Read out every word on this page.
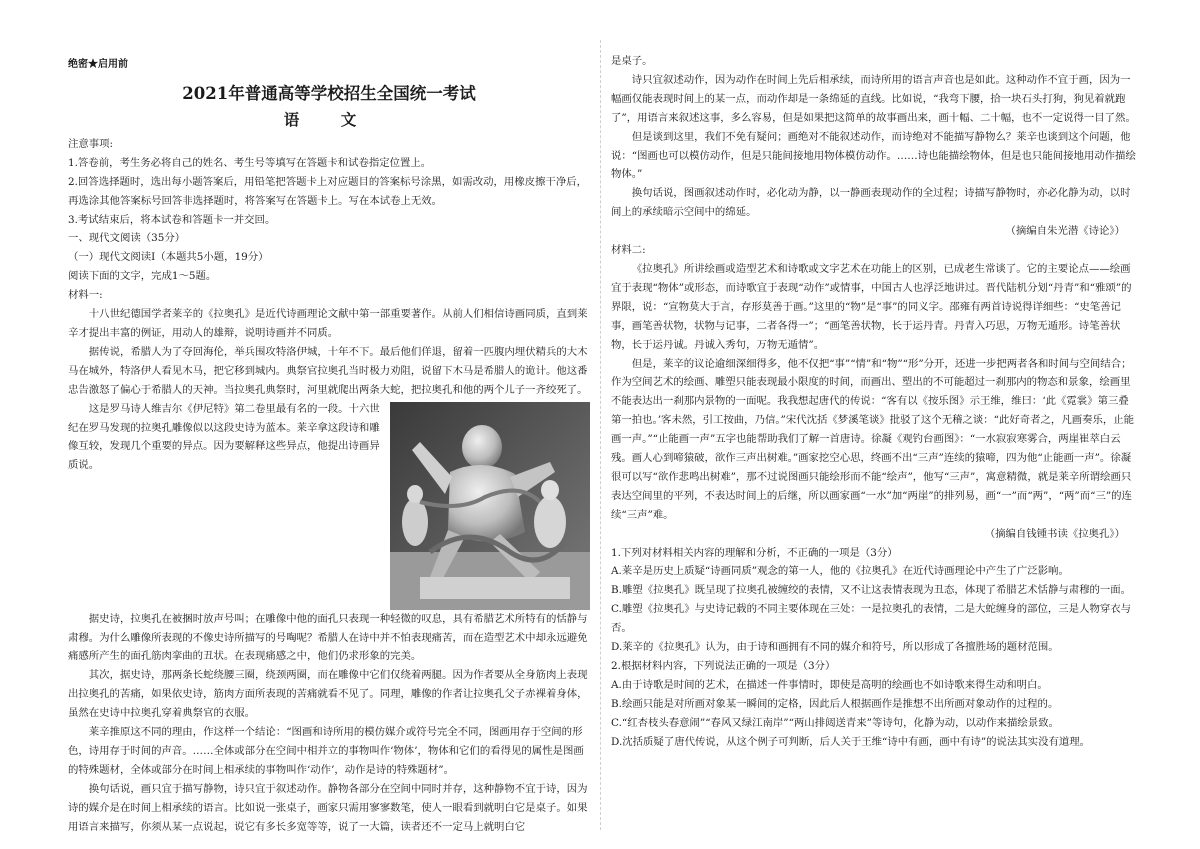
绝密★启用前

2021年普通高等学校招生全国统一考试

语 文

注意事项:

1.答卷前，考生务必将自己的姓名、考生号等填写在答题卡和试卷指定位置上。

2.回答选择题时，选出每小题答案后，用铅笔把答题卡上对应题目的答案标号涂黑，如需改动，用橡皮擦干净后，再选涂其他答案标号回答非选择题时，将答案写在答题卡上。写在本试卷上无效。

3.考试结束后，将本试卷和答题卡一并交回。

一、现代文阅读（35分）

（一）现代文阅读Ⅰ（本题共5小题，19分）

阅读下面的文字，完成1～5题。

材料一:

十八世纪德国学者莱辛的《拉奥孔》是近代诗画理论文献中第一部重要著作。从前人们相信诗画同质，直到莱辛才提出丰富的例证，用动人的雄辩，说明诗画并不同质。

据传说，希腊人为了夺回海伦，举兵围攻特洛伊城，十年不下。最后他们佯退，留着一匹腹内埋伏精兵的大木马在城外，特洛伊人看见木马，把它移到城内。典祭官拉奥孔当时极力劝阻，说留下木马是希腊人的诡计。他这番忠告激怒了偏心于希腊人的天神。当拉奥孔典祭时，河里就爬出两条大蛇，把拉奥孔和他的两个儿子一齐绞死了。

这是罗马诗人维吉尔《伊尼特》第二卷里最有名的一段。十六世纪在罗马发现的拉奥孔雕像似以这段史诗为蓝本。莱辛拿这段诗和雕像互较，发现几个重要的异点。因为要解释这些异点，他提出诗画异质说。

据史诗，拉奥孔在被捆时放声号叫；在雕像中他的面孔只表现一种轻微的叹息，具有希腊艺术所特有的恬静与肃穆。为什么雕像所表现的不像史诗所描写的号啕呢？希腊人在诗中并不怕表现痛苦，而在造型艺术中却永远避免痛感所产生的面孔筋肉挛曲的丑状。在表现痛感之中，他们仍求形象的完美。

其次，据史诗，那两条长蛇绕腰三圈，绕颈两圈，而在雕像中它们仅绕着两腿。因为作者要从全身筋肉上表现出拉奥孔的苦痛，如果依史诗，筋肉方面所表现的苦痛就看不见了。同理，雕像的作者让拉奥孔父子赤裸着身体，虽然在史诗中拉奥孔穿着典祭官的衣服。

莱辛推原这不同的理由，作这样一个结论：“图画和诗所用的模仿媒介或符号完全不同，图画用存于空间的形色，诗用存于时间的声音。……全体或部分在空间中相并立的事物叫作‘物体’，物体和它们的看得见的属性是图画的特殊题材，全体或部分在时间上相承续的事物叫作‘动作’，动作是诗的特殊题材”。

换句话说，画只宜于描写静物，诗只宜于叙述动作。静物各部分在空间中同时并存，这种静物不宜于诗，因为诗的媒介是在时间上相承续的语言。比如说一张桌子，画家只需用寥寥数笔，使人一眼看到就明白它是桌子。如果用语言来描写，你须从某一点说起，说它有多长多宽等等，说了一大篇，读者还不一定马上就明白它

是桌子。

诗只宜叙述动作，因为动作在时间上先后相承续，而诗所用的语言声音也是如此。这种动作不宜于画，因为一幅画仅能表现时间上的某一点，而动作却是一条绵延的直线。比如说，“我弯下腰，拾一块石头打狗，狗见着就跑了”，用语言来叙述这事，多么容易，但是如果把这简单的故事画出来，画十幅、二十幅，也不一定说得一目了然。

但是谈到这里，我们不免有疑问；画绝对不能叙述动作，而诗绝对不能描写静物么？莱辛也谈到这个问题，他说：“图画也可以模仿动作，但是只能间接地用物体模仿动作。……诗也能描绘物体，但是也只能间接地用动作描绘物体。”

换句话说，图画叙述动作时，必化动为静，以一静画表现动作的全过程；诗描写静物时，亦必化静为动，以时间上的承续暗示空间中的绵延。

（摘编自朱光潜《诗论》）

材料二:

《拉奥孔》所讲绘画或造型艺术和诗歌或文字艺术在功能上的区别，已成老生常谈了。它的主要论点——绘画宜于表现“物体”或形态，而诗歌宜于表现“动作”或情事，中国古人也浮泛地讲过。晋代陆机分划“丹青”和“雅颂”的界限，说：“宣物莫大于言，存形莫善于画。”这里的“物”是“事”的同义字。邵雍有两首诗说得详细些：“史笔善记事，画笔善状物，状物与记事，二者各得一”；“画笔善状物，长于运丹青。丹青入巧思，万物无遁形。诗笔善状物，长于运丹诚。丹诚入秀句，万物无遁情”。

但是，莱辛的议论逾细深细得多，他不仅把“事”“情”和“物”“形”分开，还进一步把两者各和时间与空间结合；作为空间艺术的绘画、雕塑只能表现最小限度的时间，而画出、塑出的不可能超过一刹那内的物态和景象，绘画里不能表达出一刹那内景物的一面呢。我我想起唐代的传说：“客有以《按乐图》示王维，维曰：‘此《霓裳》第三叠第一拍也。’客未然，引工按曲，乃信。”宋代沈括《梦溪笔谈》批驳了这个无稽之谈：“此好奇者之，凡画奏乐，止能画一声。”“止能画一声”五字也能帮助我们了解一首唐诗。徐凝《观钓台画图》：“一水寂寂寒雾合，两崖崔萃白云残。画人心到啼猿破，欲作三声出树难。”画家挖空心思，终画不出“三声”连续的猿啼，四为他“止能画一声”。徐凝很可以写“欲作悲鸣出树难”，那不过说图画只能绘形而不能“绘声”，他写“三声”，寓意精微，就是莱辛所谓绘画只表达空间里的平列，不表达时间上的后继，所以画家画“一水”加“两崖”的排列易，画“一”而“两”，“两”而“三”的连续“三声”难。

（摘编自钱锺书读《拉奥孔》）

1.下列对材料相关内容的理解和分析，不正确的一项是（3分）

A.莱辛是历史上质疑“诗画同质”观念的第一人，他的《拉奥孔》在近代诗画理论中产生了广泛影响。

B.雕塑《拉奥孔》既呈现了拉奥孔被缠绞的表情，又不让这表情表现为丑态，体现了希腊艺术恬静与肃穆的一面。

C.雕塑《拉奥孔》与史诗记载的不同主要体现在三处：一是拉奥孔的表情，二是大蛇缠身的部位，三是人物穿衣与否。

D.莱辛的《拉奥孔》认为，由于诗和画拥有不同的媒介和符号，所以形成了各擅胜场的题材范围。

2.根据材料内容，下列说法正确的一项是（3分）

A.由于诗歌是时间的艺术，在描述一件事情时，即使是高明的绘画也不如诗歌来得生动和明白。

B.绘画只能是对所画对象某一瞬间的定格，因此后人根据画作是推想不出所画对象动作的过程的。

C.“红杏枝头春意闹”“春风又绿江南岸”“两山排闼送青来”等诗句，化静为动，以动作来描绘景致。

D.沈括质疑了唐代传说，从这个例子可判断，后人关于王维“诗中有画，画中有诗”的说法其实没有道理。
